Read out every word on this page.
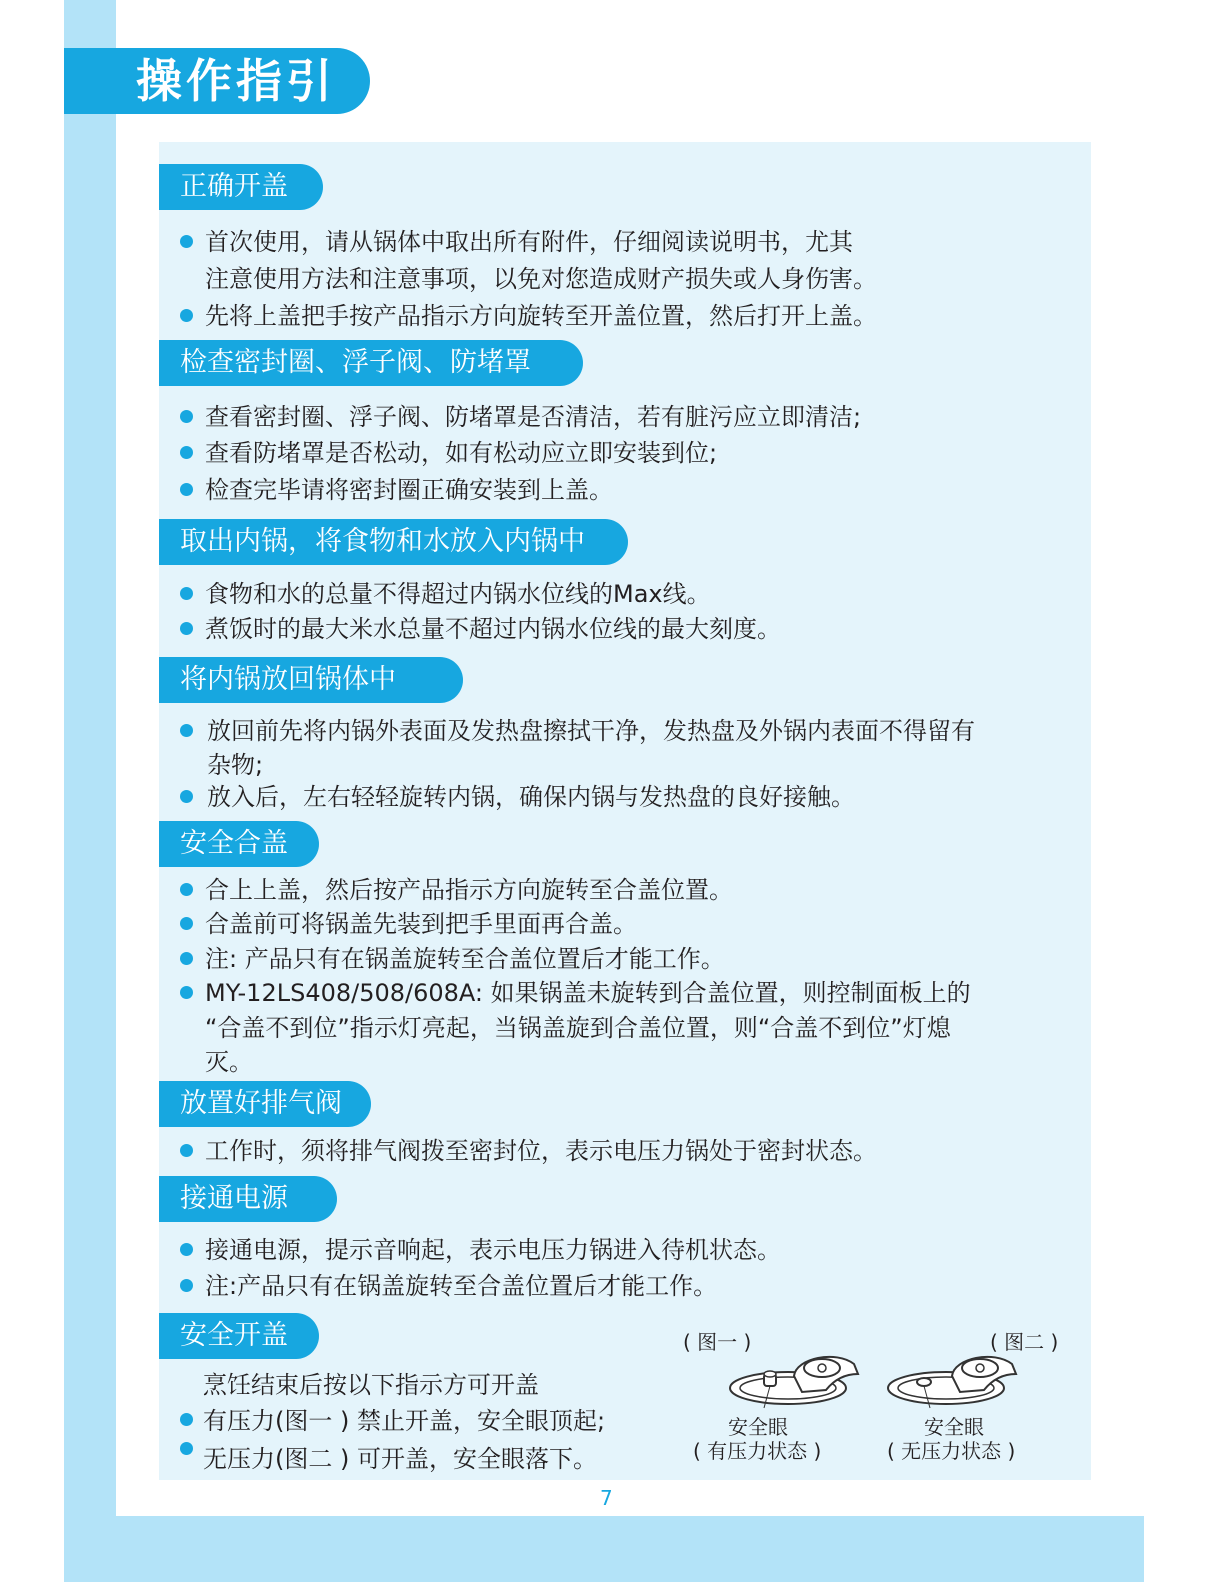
操作指引
正确开盖
首次使用，请从锅体中取出所有附件，仔细阅读说明书，尤其
注意使用方法和注意事项，以免对您造成财产损失或人身伤害。
先将上盖把手按产品指示方向旋转至开盖位置，然后打开上盖。
检查密封圈、浮子阀、防堵罩
查看密封圈、浮子阀、防堵罩是否清洁，若有脏污应立即清洁;
查看防堵罩是否松动，如有松动应立即安装到位;
检查完毕请将密封圈正确安装到上盖。
取出内锅，将食物和水放入内锅中
食物和水的总量不得超过内锅水位线的Max线。
煮饭时的最大米水总量不超过内锅水位线的最大刻度。
将内锅放回锅体中
放回前先将内锅外表面及发热盘擦拭干净，发热盘及外锅内表面不得留有
杂物;
放入后，左右轻轻旋转内锅，确保内锅与发热盘的良好接触。
安全合盖
合上上盖，然后按产品指示方向旋转至合盖位置。
合盖前可将锅盖先装到把手里面再合盖。
注: 产品只有在锅盖旋转至合盖位置后才能工作。
MY-12LS408/508/608A: 如果锅盖未旋转到合盖位置，则控制面板上的
“合盖不到位”指示灯亮起，当锅盖旋到合盖位置，则“合盖不到位”灯熄
灭。
放置好排气阀
工作时，须将排气阀拨至密封位，表示电压力锅处于密封状态。
接通电源
接通电源，提示音响起，表示电压力锅进入待机状态。
注:产品只有在锅盖旋转至合盖位置后才能工作。
安全开盖
烹饪结束后按以下指示方可开盖
有压力(图一 ) 禁止开盖，安全眼顶起;
无压力(图二 ) 可开盖，安全眼落下。
( 图一 )
安全眼
( 有压力状态 )
( 图二 )
安全眼
( 无压力状态 )
7
